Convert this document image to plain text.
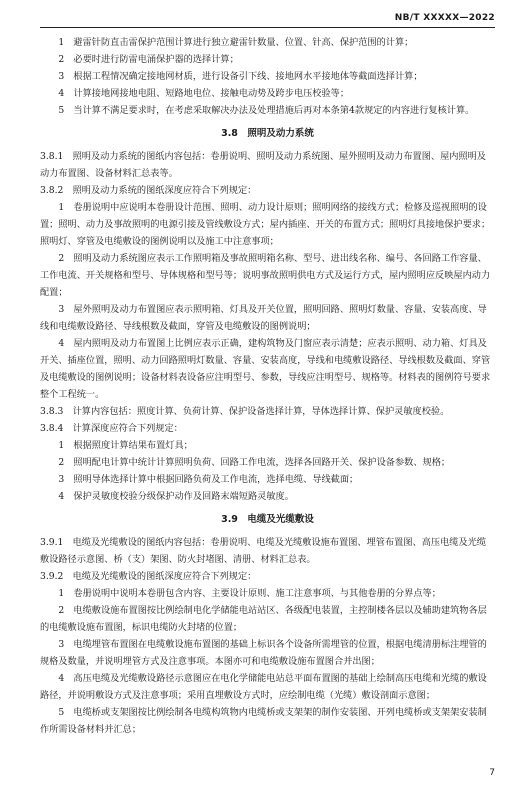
NB/T XXXXX—2022

1　避雷针防直击雷保护范围计算进行独立避雷针数量、位置、针高、保护范围的计算；

2　必要时进行防雷电涌保护器的选择计算；

3　根据工程情况确定接地网材质，进行设备引下线、接地网水平接地体等截面选择计算；

4　计算接地网接地电阻、短路地电位、接触电动势及跨步电压校验等；

5　当计算不满足要求时，在考虑采取解决办法及处理措施后再对本条第4款规定的内容进行复核计算。

3.8　照明及动力系统

3.8.1　照明及动力系统的图纸内容包括：卷册说明、照明及动力系统图、屋外照明及动力布置图、屋内照明及动力布置图、设备材料汇总表等。

3.8.2　照明及动力系统的图纸深度应符合下列规定：

1　卷册说明中应说明本卷册设计范围、照明、动力设计原则；照明网络的接线方式；检修及巡视照明的设置；照明、动力及事故照明的电源引接及管线敷设方式；屋内插座、开关的布置方式；照明灯具接地保护要求；照明灯、穿管及电缆敷设的图例说明以及施工中注意事项；

2　照明及动力系统图应表示工作照明箱及事故照明箱名称、型号、进出线名称、编号、各回路工作容量、工作电流、开关规格和型号、导体规格和型号等；说明事故照明供电方式及运行方式，屋内照明应反映屋内动力配置；

3　屋外照明及动力布置图应表示照明箱、灯具及开关位置，照明回路、照明灯数量、容量、安装高度、导线和电缆敷设路径、导线根数及截面，穿管及电缆敷设的图例说明；

4　屋内照明及动力布置图上比例应表示正确，建构筑物及门窗应表示清楚；应表示照明、动力箱、灯具及开关、插座位置，照明、动力回路照明灯数量、容量、安装高度，导线和电缆敷设路径、导线根数及截面、穿管及电缆敷设的图例说明；设备材料表设备应注明型号、参数，导线应注明型号、规格等。材料表的图例符号要求整个工程统一。

3.8.3　计算内容包括：照度计算、负荷计算、保护设备选择计算，导体选择计算、保护灵敏度校验。

3.8.4　计算深度应符合下列规定：

1　根据照度计算结果布置灯具；

2　照明配电计算中统计计算照明负荷、回路工作电流，选择各回路开关、保护设备参数、规格；

3　照明导体选择计算中根据回路负荷及工作电流，选择电缆、导线截面；

4　保护灵敏度校验分级保护动作及回路末端短路灵敏度。

3.9　电缆及光缆敷设

3.9.1　电缆及光缆敷设的图纸内容包括：卷册说明、电缆及光缆敷设施布置图、埋管布置图、高压电缆及光缆敷设路径示意图、桥（支）架图、防火封堵图、清册、材料汇总表。

3.9.2　电缆及光缆敷设的图纸深度应符合下列规定：

1　卷册说明中说明本卷册包含内容、主要设计原则、施工注意事项、与其他卷册的分界点等；

2　电缆敷设施布置图按比例绘制电化学储能电站站区、各级配电装置，主控制楼各层以及辅助建筑物各层的电缆敷设施布置图，标识电缆防火封堵的位置；

3　电缆埋管布置图在电缆敷设施布置图的基础上标识各个设备所需埋管的位置，根据电缆清册标注埋管的规格及数量，并说明埋管方式及注意事项。本图亦可和电缆敷设施布置图合并出图；

4　高压电缆及光缆敷设路径示意图应在电化学储能电站总平面布置图的基础上绘制高压电缆和光缆的敷设路径，并说明敷设方式及注意事项；采用直埋敷设方式时，应绘制电缆（光缆）敷设剖面示意图；

5　电缆桥或支架图按比例绘制各电缆构筑物内电缆桥或支架架的制作安装图、开列电缆桥或支架架安装制作所需设备材料并汇总；

7
